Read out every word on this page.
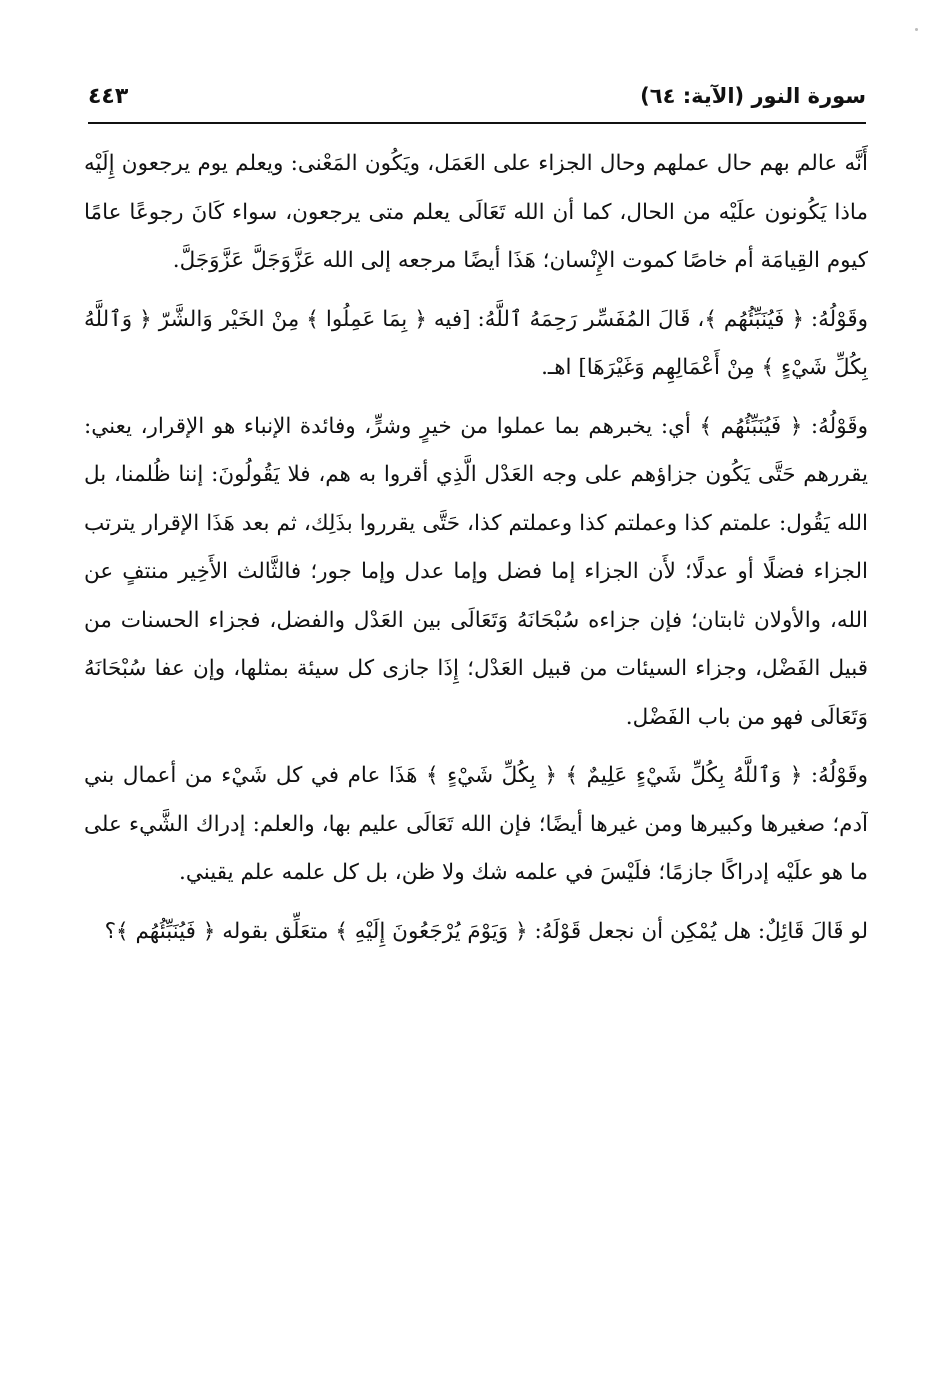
سورة النور (الآية: ٦٤)
٤٤٣

أَنَّه عالم بهم حال عملهم وحال الجزاء على العَمَل، ويَكُون المَعْنى: ويعلم يوم يرجعون إِلَيْه ماذا يَكُونون علَيْه من الحال، كما أن الله تَعَالَى يعلم متى يرجعون، سواء كَانَ رجوعًا عامًا كيوم القِيامَة أم خاصًا كموت الإِنْسان؛ هَذَا أيضًا مرجعه إلى الله عَزَّوَجَلَّ عَزَّوَجَلَّ.

وقَوْلُهُ: ﴿ فَيُنَبِّئُهُم ﴾، قَالَ المُفَسِّر رَحِمَهُ ٱللَّهُ: [فيه ﴿ بِمَا عَمِلُوا ﴾ مِنْ الخَيْر وَالشَّرّ ﴿ وَٱللَّهُ بِكُلِّ شَيْءٍ ﴾ مِنْ أَعْمَالِهِم وَغَيْرَهَا] اهـ.

وقَوْلُهُ: ﴿ فَيُنَبِّئُهُم ﴾ أي: يخبرهم بما عملوا من خيرٍ وشرٍّ، وفائدة الإنباء هو الإقرار، يعني: يقررهم حَتَّى يَكُون جزاؤهم على وجه العَدْل الَّذِي أقروا به هم، فلا يَقُولُونَ: إننا ظُلمنا، بل الله يَقُول: علمتم كذا وعملتم كذا وعملتم كذا، حَتَّى يقرروا بذَلِك، ثم بعد هَذَا الإقرار يترتب الجزاء فضلًا أو عدلًا؛ لأَن الجزاء إما فضل وإما عدل وإما جور؛ فالثَّالث الأَخِير منتفٍ عن الله، والأولان ثابتان؛ فإن جزاءه سُبْحَانَهُ وَتَعَالَى بين العَدْل والفضل، فجزاء الحسنات من قبيل الفَضْل، وجزاء السيئات من قبيل العَدْل؛ إِذَا جازى كل سيئة بمثلها، وإن عفا سُبْحَانَهُ وَتَعَالَى فهو من باب الفَضْل.

وقَوْلُهُ: ﴿ وَٱللَّهُ بِكُلِّ شَيْءٍ عَلِيمٌ ﴾ ﴿ بِكُلِّ شَيْءٍ ﴾ هَذَا عام في كل شَيْء من أعمال بني آدم؛ صغيرها وكبيرها ومن غيرها أيضًا؛ فإن الله تَعَالَى عليم بها، والعلم: إدراك الشَّيء على ما هو علَيْه إدراكًا جازمًا؛ فلَيْسَ في علمه شك ولا ظن، بل كل علمه علم يقيني.

لو قَالَ قَائِلٌ: هل يُمْكِن أن نجعل قَوْلَهُ: ﴿ وَيَوْمَ يُرْجَعُونَ إِلَيْهِ ﴾ متعَلِّق بقوله ﴿ فَيُنَبِّئُهُم ﴾؟
